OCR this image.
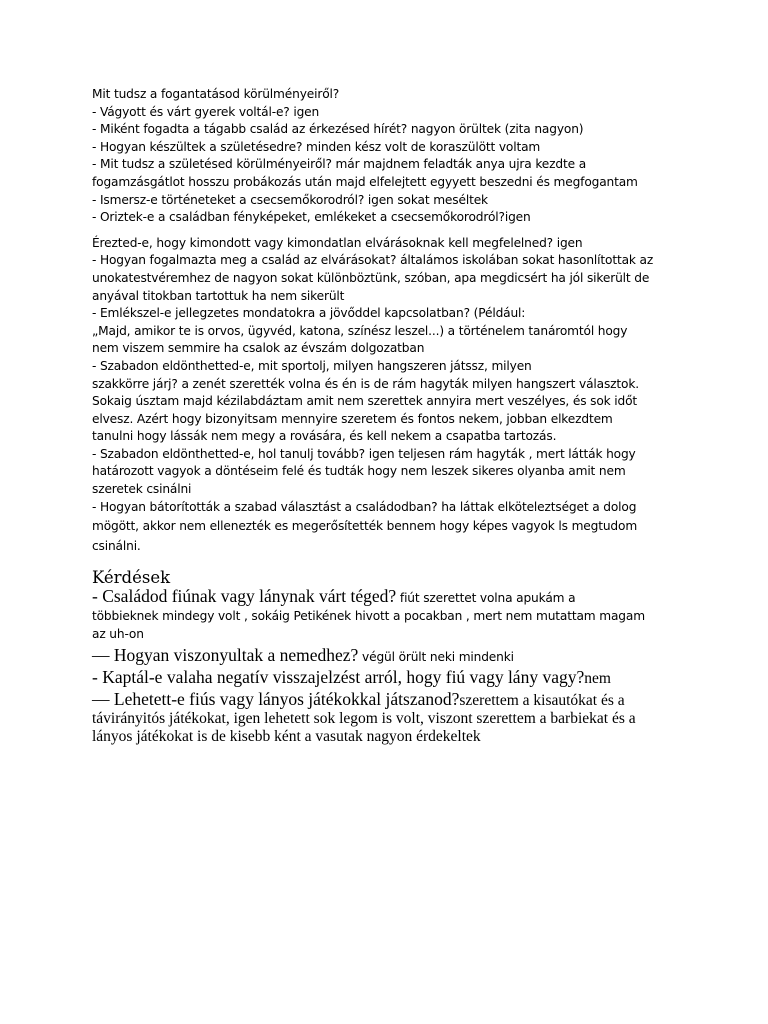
Mit tudsz a fogantatásod körülményeiről?

- Vágyott és várt gyerek voltál-e? igen

- Miként fogadta a tágabb család az érkezésed hírét? nagyon örültek (zita nagyon)

- Hogyan készültek a születésedre? minden kész volt de koraszülött voltam

- Mit tudsz a születésed körülményeiről? már majdnem feladták anya ujra kezdte a

fogamzásgátlot hosszu probákozás után majd elfelejtett egyyett beszedni és megfogantam

- Ismersz-e történeteket a csecsemőkorodról? igen sokat meséltek

- Oriztek-e a családban fényképeket, emlékeket a csecsemőkorodról?igen

Érezted-e, hogy kimondott vagy kimondatlan elvárásoknak kell megfelelned? igen

- Hogyan fogalmazta meg a család az elvárásokat? általámos iskolában sokat hasonlítottak az

unokatestvéremhez de nagyon sokat különböztünk, szóban, apa megdicsért ha jól sikerült de

anyával titokban tartottuk ha nem sikerült

- Emlékszel-e jellegzetes mondatokra a jövőddel kapcsolatban? (Például:

„Majd, amikor te is orvos, ügyvéd, katona, színész leszel...) a történelem tanáromtól hogy

nem viszem semmire ha csalok az évszám dolgozatban

- Szabadon eldönthetted-e, mit sportolj, milyen hangszeren játssz, milyen

szakkörre járj? a zenét szerették volna és én is de rám hagyták milyen hangszert választok.

Sokaig úsztam majd kézilabdáztam amit nem szerettek annyira mert veszélyes, és sok időt

elvesz. Azért hogy bizonyitsam mennyire szeretem és fontos nekem, jobban elkezdtem

tanulni hogy lássák nem megy a rovására, és kell nekem a csapatba tartozás.

- Szabadon eldönthetted-e, hol tanulj tovább? igen teljesen rám hagyták , mert látták hogy

határozott vagyok a döntéseim felé és tudták hogy nem leszek sikeres olyanba amit nem

szeretek csinálni

- Hogyan bátorították a szabad választást a családodban? ha láttak elköteleztséget a dolog

mögött, akkor nem ellenezték es megerősítették bennem hogy képes vagyok ls megtudom

csinálni.

Kérdések

- Családod fiúnak vagy lánynak várt téged? fiút szerettet volna apukám a

többieknek mindegy volt , sokáig Petikének hivott a pocakban , mert nem mutattam magam

az uh-on

— Hogyan viszonyultak a nemedhez? végül örült neki mindenki

- Kaptál-e valaha negatív visszajelzést arról, hogy fiú vagy lány vagy?nem

— Lehetett-e fiús vagy lányos játékokkal játszanod?szerettem a kisautókat és a

távirányitós játékokat, igen lehetett sok legom is volt, viszont szerettem a barbiekat és a

lányos játékokat is de kisebb ként a vasutak nagyon érdekeltek
